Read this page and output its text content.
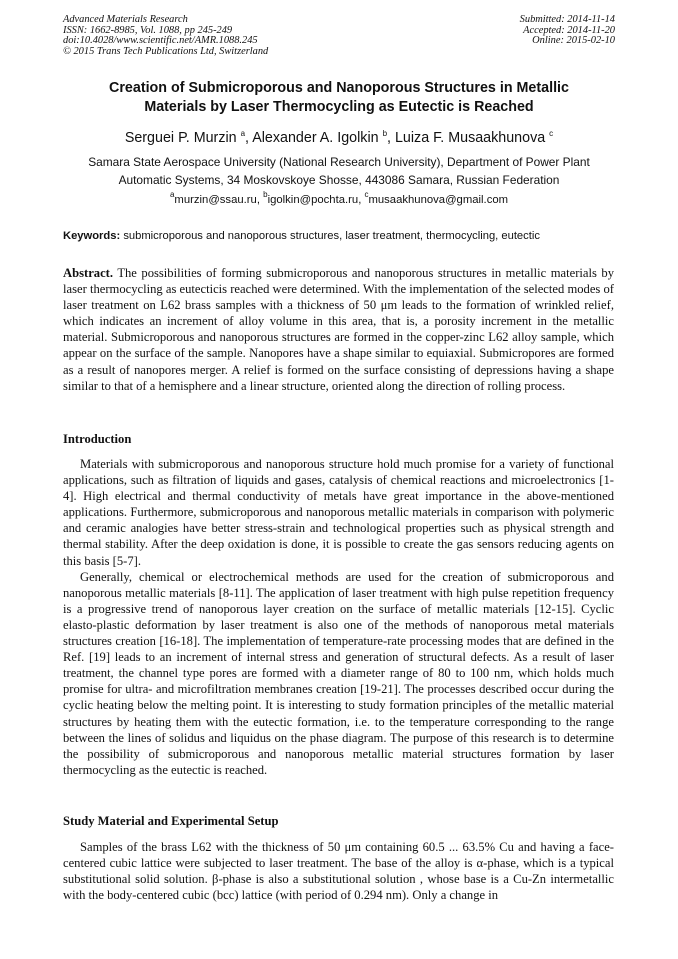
Advanced Materials Research
ISSN: 1662-8985, Vol. 1088, pp 245-249
doi:10.4028/www.scientific.net/AMR.1088.245
© 2015 Trans Tech Publications Ltd, Switzerland
Submitted: 2014-11-14
Accepted: 2014-11-20
Online: 2015-02-10
Creation of Submicroporous and Nanoporous Structures in Metallic
Materials by Laser Thermocycling as Eutectic is Reached
Serguei P. Murzin $^a$, Alexander A. Igolkin $^b$, Luiza F. Musaakhunova $^c$
Samara State Aerospace University (National Research University), Department of Power Plant
Automatic Systems, 34 Moskovskoye Shosse, 443086 Samara, Russian Federation
$^a$murzin@ssau.ru, $^b$igolkin@pochta.ru, $^c$musaakhunova@gmail.com
Keywords: submicroporous and nanoporous structures, laser treatment, thermocycling, eutectic

Abstract. The possibilities of forming submicroporous and nanoporous structures in metallic materials by laser thermocycling as eutecticis reached were determined. With the implementation of the selected modes of laser treatment on L62 brass samples with a thickness of 50 μm leads to the formation of wrinkled relief, which indicates an increment of alloy volume in this area, that is, a porosity increment in the metallic material. Submicroporous and nanoporous structures are formed in the copper-zinc L62 alloy sample, which appear on the surface of the sample. Nanopores have a shape similar to equiaxial. Submicropores are formed as a result of nanopores merger. A relief is formed on the surface consisting of depressions having a shape similar to that of a hemisphere and a linear structure, oriented along the direction of rolling process.

Introduction

Materials with submicroporous and nanoporous structure hold much promise for a variety of functional applications, such as filtration of liquids and gases, catalysis of chemical reactions and microelectronics [1-4]. High electrical and thermal conductivity of metals have great importance in the above-mentioned applications. Furthermore, submicroporous and nanoporous metallic materials in comparison with polymeric and ceramic analogies have better stress-strain and technological properties such as physical strength and thermal stability. After the deep oxidation is done, it is possible to create the gas sensors reducing agents on this basis [5-7].

Generally, chemical or electrochemical methods are used for the creation of submicroporous and nanoporous metallic materials [8-11]. The application of laser treatment with high pulse repetition frequency is a progressive trend of nanoporous layer creation on the surface of metallic materials [12-15]. Cyclic elasto-plastic deformation by laser treatment is also one of the methods of nanoporous metal materials structures creation [16-18]. The implementation of temperature-rate processing modes that are defined in the Ref. [19] leads to an increment of internal stress and generation of structural defects. As a result of laser treatment, the channel type pores are formed with a diameter range of 80 to 100 nm, which holds much promise for ultra- and microfiltration membranes creation [19-21]. The processes described occur during the cyclic heating below the melting point. It is interesting to study formation principles of the metallic material structures by heating them with the eutectic formation, i.e. to the temperature corresponding to the range between the lines of solidus and liquidus on the phase diagram. The purpose of this research is to determine the possibility of submicroporous and nanoporous metallic material structures formation by laser thermocycling as the eutectic is reached.

Study Material and Experimental Setup

Samples of the brass L62 with the thickness of 50 μm containing 60.5 ... 63.5% Cu and having a face-centered cubic lattice were subjected to laser treatment. The base of the alloy is α-phase, which is a typical substitutional solid solution. β-phase is also a substitutional solution , whose base is a Cu-Zn intermetallic with the body-centered cubic (bcc) lattice (with period of 0.294 nm). Only a change in
